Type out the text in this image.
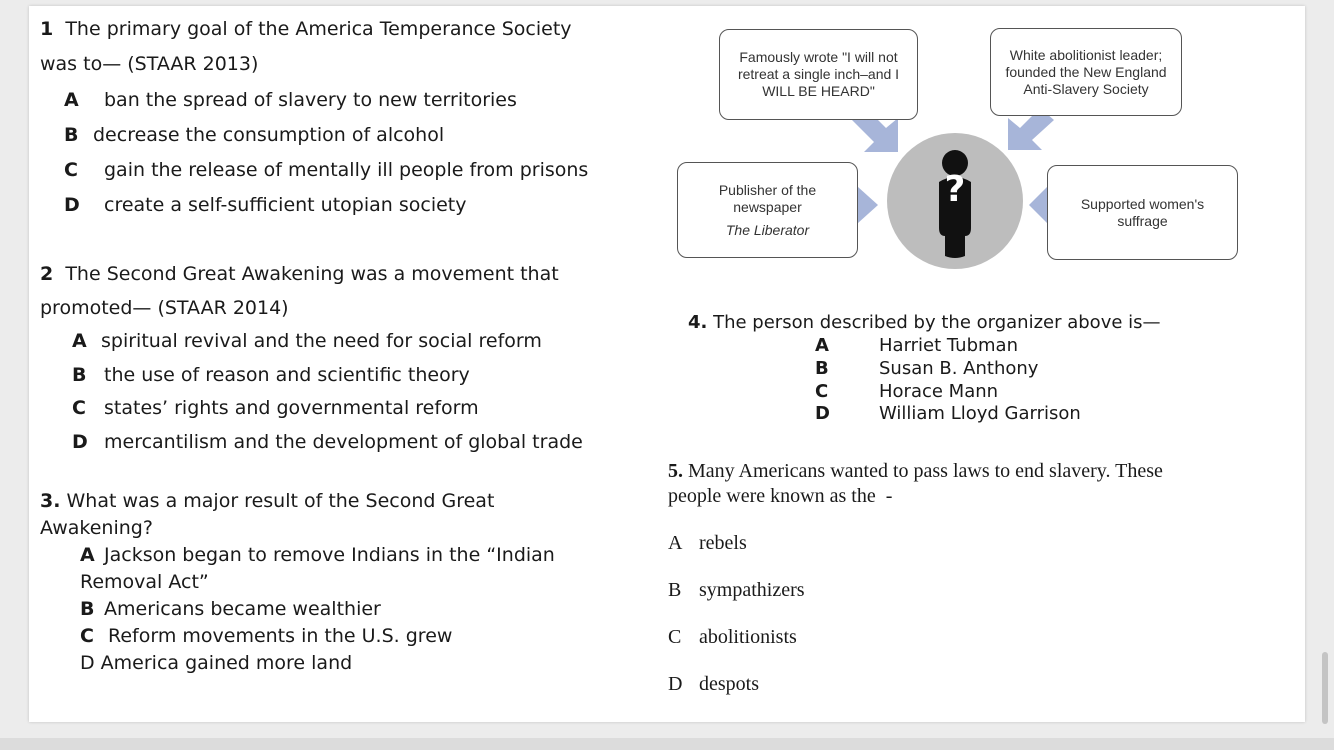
1 The primary goal of the America Temperance Society
was to— (STAAR 2013)
A ban the spread of slavery to new territories
B decrease the consumption of alcohol
C gain the release of mentally ill people from prisons
D create a self-sufficient utopian society
2 The Second Great Awakening was a movement that
promoted— (STAAR 2014)
A spiritual revival and the need for social reform
B the use of reason and scientific theory
C states’ rights and governmental reform
D mercantilism and the development of global trade
3. What was a major result of the Second Great
Awakening?
A Jackson began to remove Indians in the “Indian
Removal Act”
B Americans became wealthier
C Reform movements in the U.S. grew
D America gained more land
?
Famously wrote "I will not
retreat a single inch–and I
WILL BE HEARD"
White abolitionist leader;
founded the New England
Anti-Slavery Society
Publisher of the
newspaper
The Liberator
Supported women's
suffrage
4. The person described by the organizer above is—
A	Harriet Tubman
B	Susan B. Anthony
C	Horace Mann
D	William Lloyd Garrison
5. Many Americans wanted to pass laws to end slavery. These
people were known as the  -
A rebels
B sympathizers
C abolitionists
D despots
